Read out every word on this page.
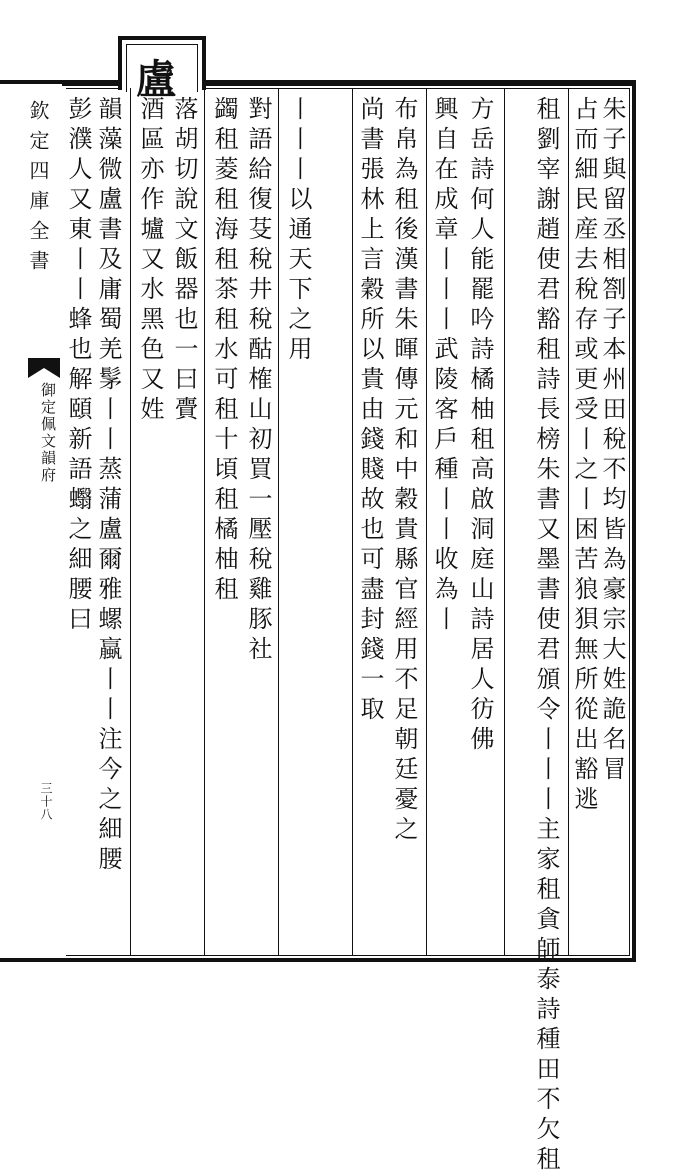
盧
欽定四庫全書
御定佩文韻府
三十八
朱子與留丞相劄子本州田稅不均皆為豪宗大姓詭名冒
占而細民産去稅存或更受丨之丨困苦狼狽無所從出豁逃
租劉宰謝趙使君豁租詩長榜朱書又墨書使君頒令丨丨丨主家租貪師泰詩種田不欠租
方岳詩何人能罷吟詩橘柚租高啟洞庭山詩居人彷佛
興自在成章丨丨丨武陵客戶種丨丨收為丨
布帛為租後漢書朱暉傳元和中穀貴縣官經用不足朝廷憂之
尚書張林上言穀所以貴由錢賤故也可盡封錢一取
丨丨丨以通天下之用
對語給復芟稅井稅酤榷山初買一壓稅雞豚社
蠲租菱租海租茶租水可租十頃租橘柚租
落胡切說文飯器也一曰賷
酒區亦作壚又水黑色又姓
韻藻微盧書及庸蜀羌髳丨丨蒸蒲盧爾雅螺蠃丨丨注今之細腰
彭濮人又東丨丨蜂也解頤新語蠮之細腰曰
